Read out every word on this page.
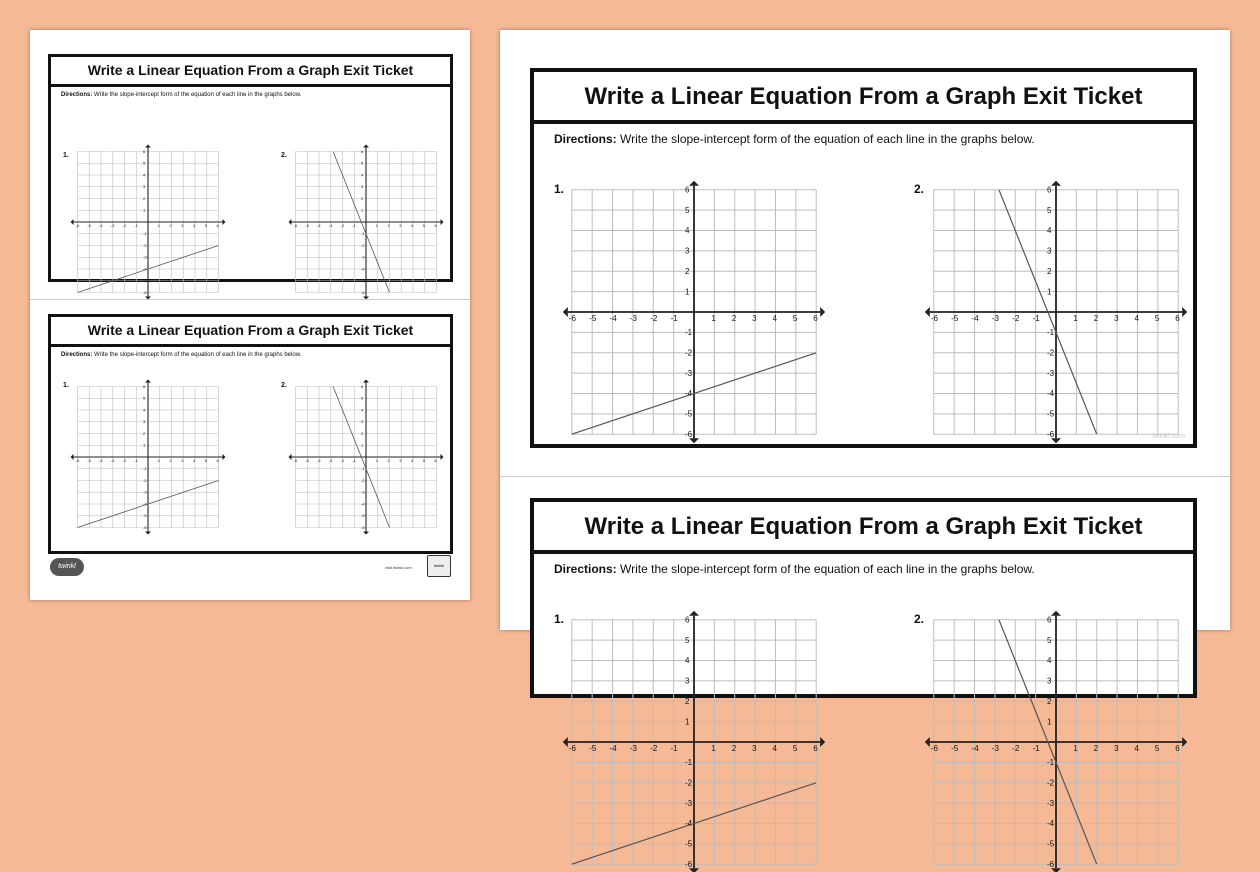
Write a Linear Equation From a Graph Exit Ticket
Directions: Write the slope-intercept form of the equation of each line in the graphs below.
1.	2.
-6
-6
-5
-5
-4
-4
-3
-3
-2
-2
-1
-1
1
1
2
2
3
3
4
4
5
5
6
6
-6
-6
-5
-5
-4
-4
-3
-3
-2
-2
-1
-1
1
1
2
2
3
3
4
4
5
5
6
6
Write a Linear Equation From a Graph Exit Ticket
Directions: Write the slope-intercept form of the equation of each line in the graphs below.
1.	2.
-6
-6
-5
-5
-4
-4
-3
-3
-2
-2
-1
-1
1
1
2
2
3
3
4
4
5
5
6
6
-6
-6
-5
-5
-4
-4
-3
-3
-2
-2
-1
-1
1
1
2
2
3
3
4
4
5
5
6
6
twinkl	visit twinkl.com	twinkl
Write a Linear Equation From a Graph Exit Ticket
Directions: Write the slope-intercept form of the equation of each line in the graphs below.
1.	2.
-6
-6
-5
-5
-4
-4
-3
-3
-2
-2
-1
-1
1
1
2
2
3
3
4
4
5
5
6
6
-6
-6
-5
-5
-4
-4
-3
-3
-2
-2
-1
-1
1
1
2
2
3
3
4
4
5
5
6
6
twinkl.com
Write a Linear Equation From a Graph Exit Ticket
Directions: Write the slope-intercept form of the equation of each line in the graphs below.
1.	2.
-6
-6
-5
-5
-4
-4
-3
-3
-2
-2
-1
-1
1
1
2
2
3
3
4
4
5
5
6
6
-6
-6
-5
-5
-4
-4
-3
-3
-2
-2
-1
-1
1
1
2
2
3
3
4
4
5
5
6
6
